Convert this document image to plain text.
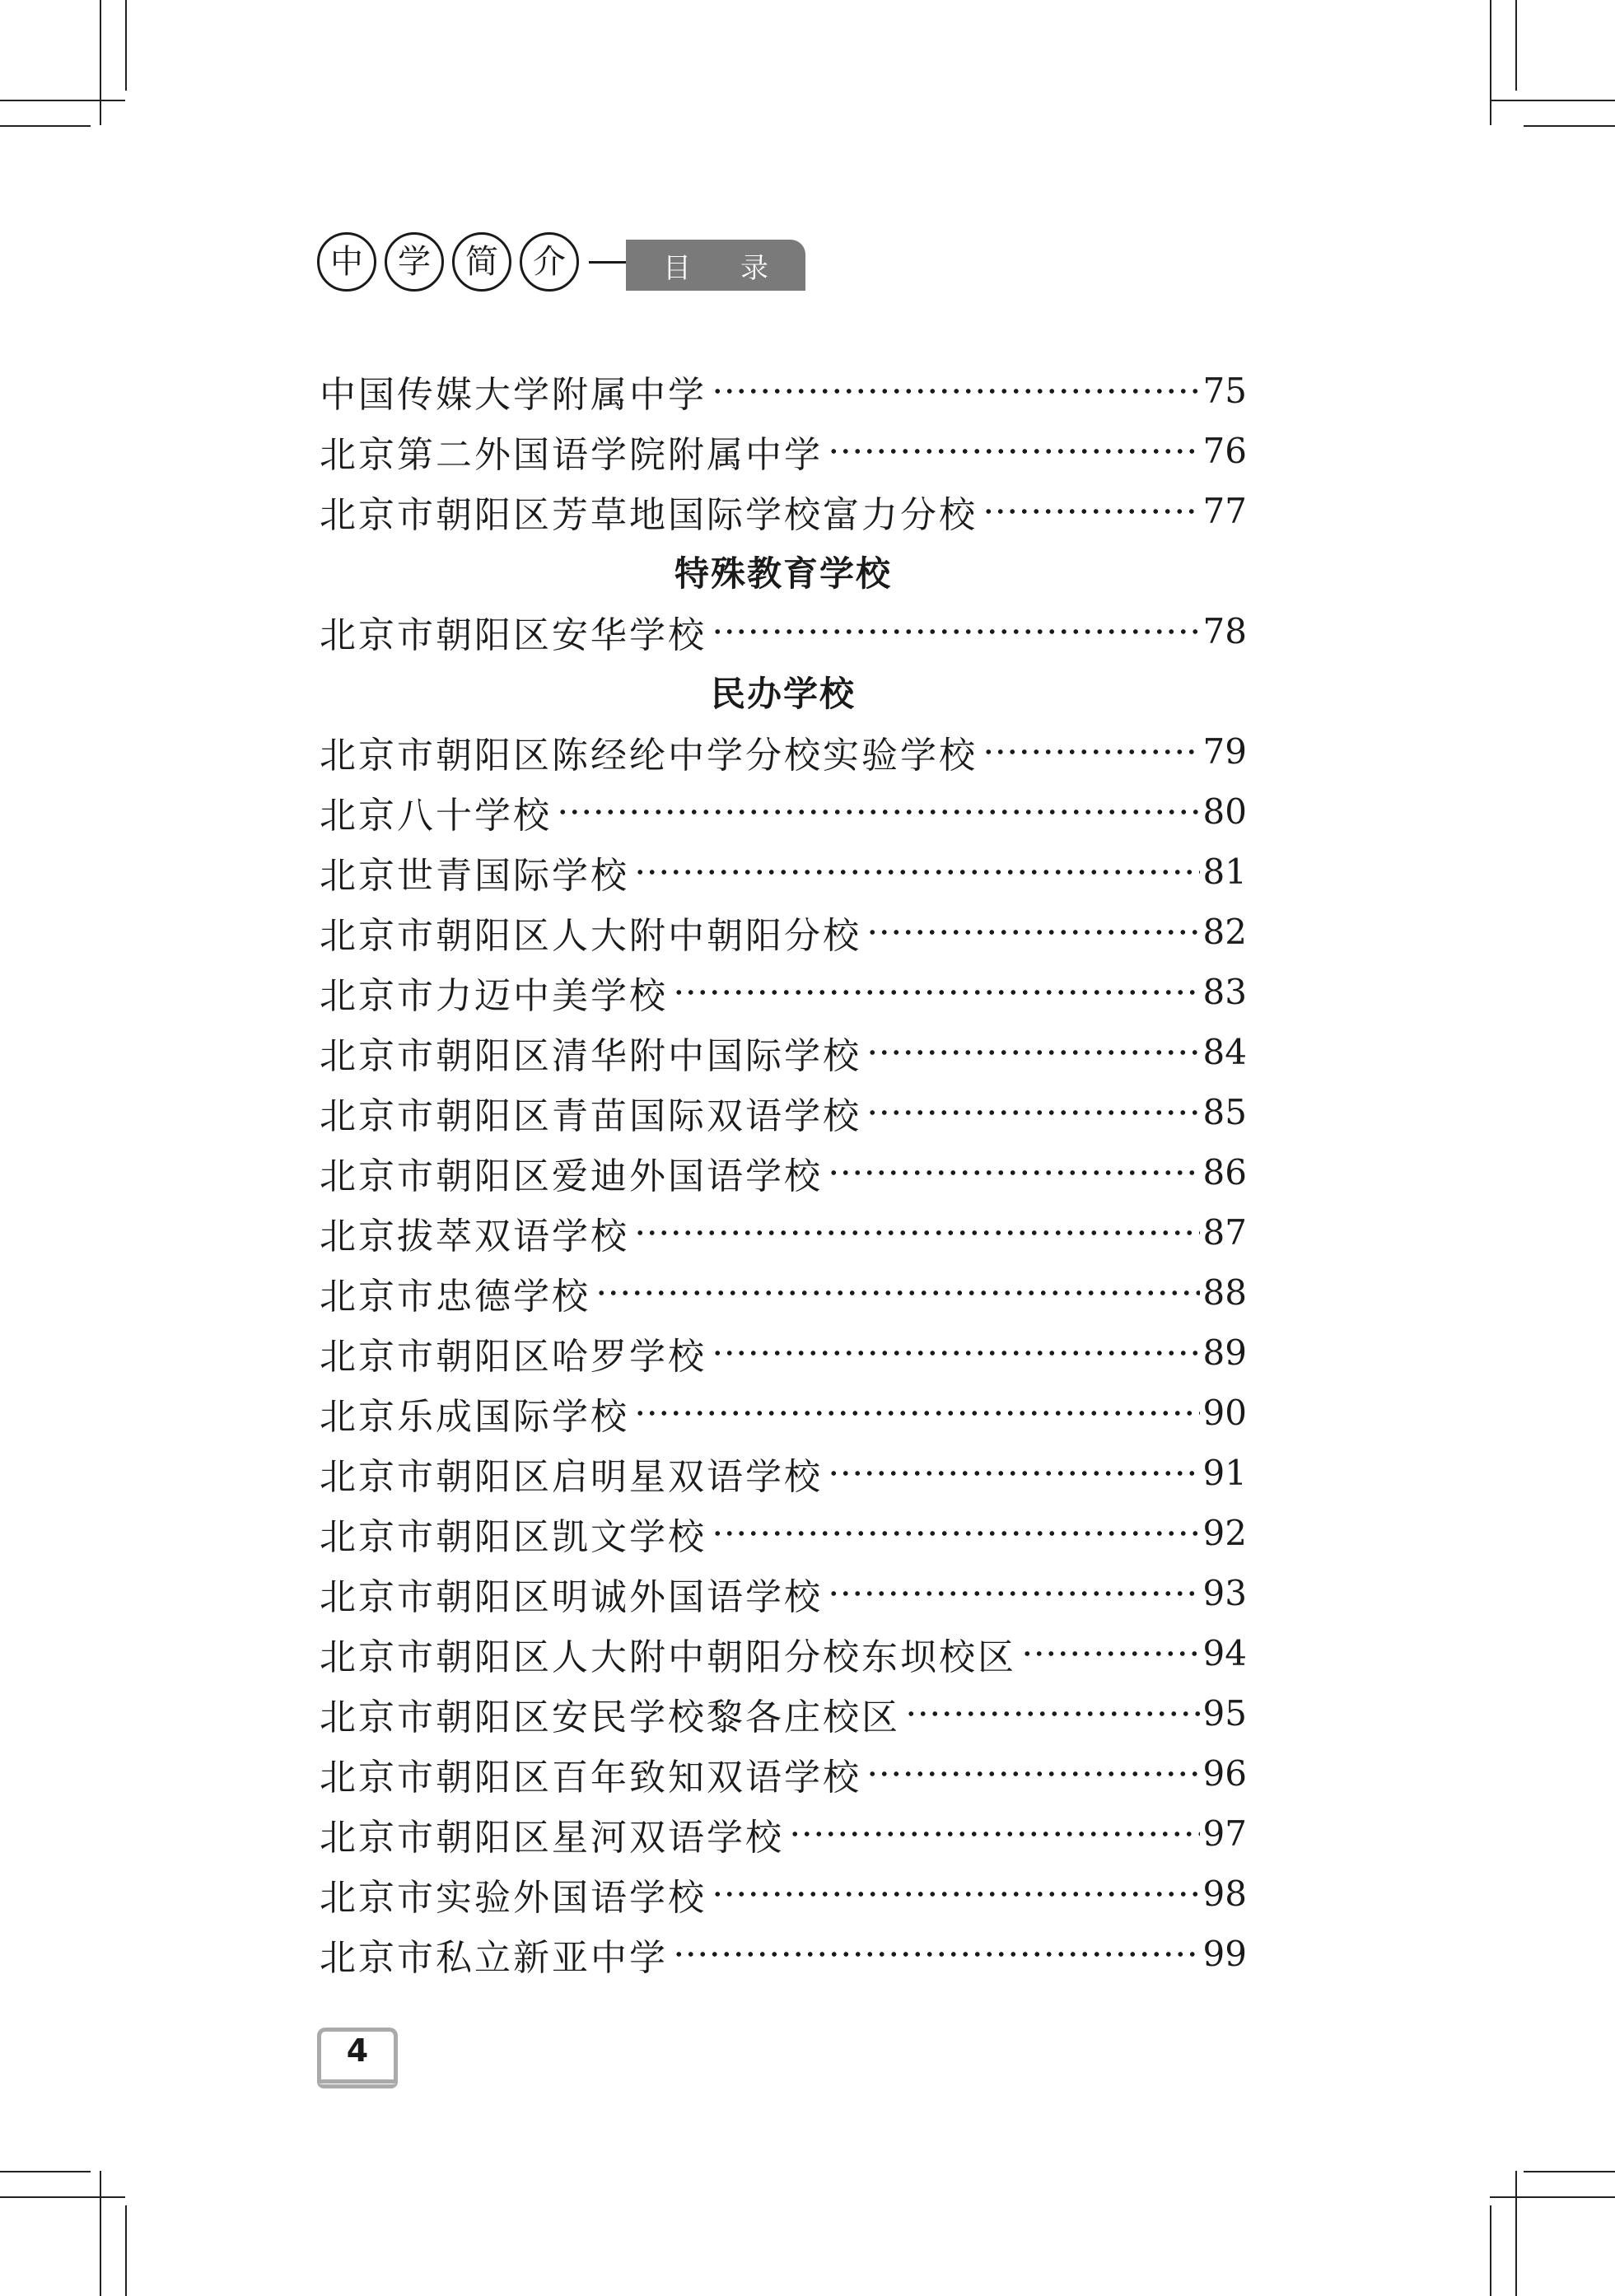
中	学	简	介	目 录
中国传媒大学附属中学	75
北京第二外国语学院附属中学	76
北京市朝阳区芳草地国际学校富力分校	77
特殊教育学校
北京市朝阳区安华学校	78
民办学校
北京市朝阳区陈经纶中学分校实验学校	79
北京八十学校	80
北京世青国际学校	81
北京市朝阳区人大附中朝阳分校	82
北京市力迈中美学校	83
北京市朝阳区清华附中国际学校	84
北京市朝阳区青苗国际双语学校	85
北京市朝阳区爱迪外国语学校	86
北京拔萃双语学校	87
北京市忠德学校	88
北京市朝阳区哈罗学校	89
北京乐成国际学校	90
北京市朝阳区启明星双语学校	91
北京市朝阳区凯文学校	92
北京市朝阳区明诚外国语学校	93
北京市朝阳区人大附中朝阳分校东坝校区	94
北京市朝阳区安民学校黎各庄校区	95
北京市朝阳区百年致知双语学校	96
北京市朝阳区星河双语学校	97
北京市实验外国语学校	98
北京市私立新亚中学	99
4
